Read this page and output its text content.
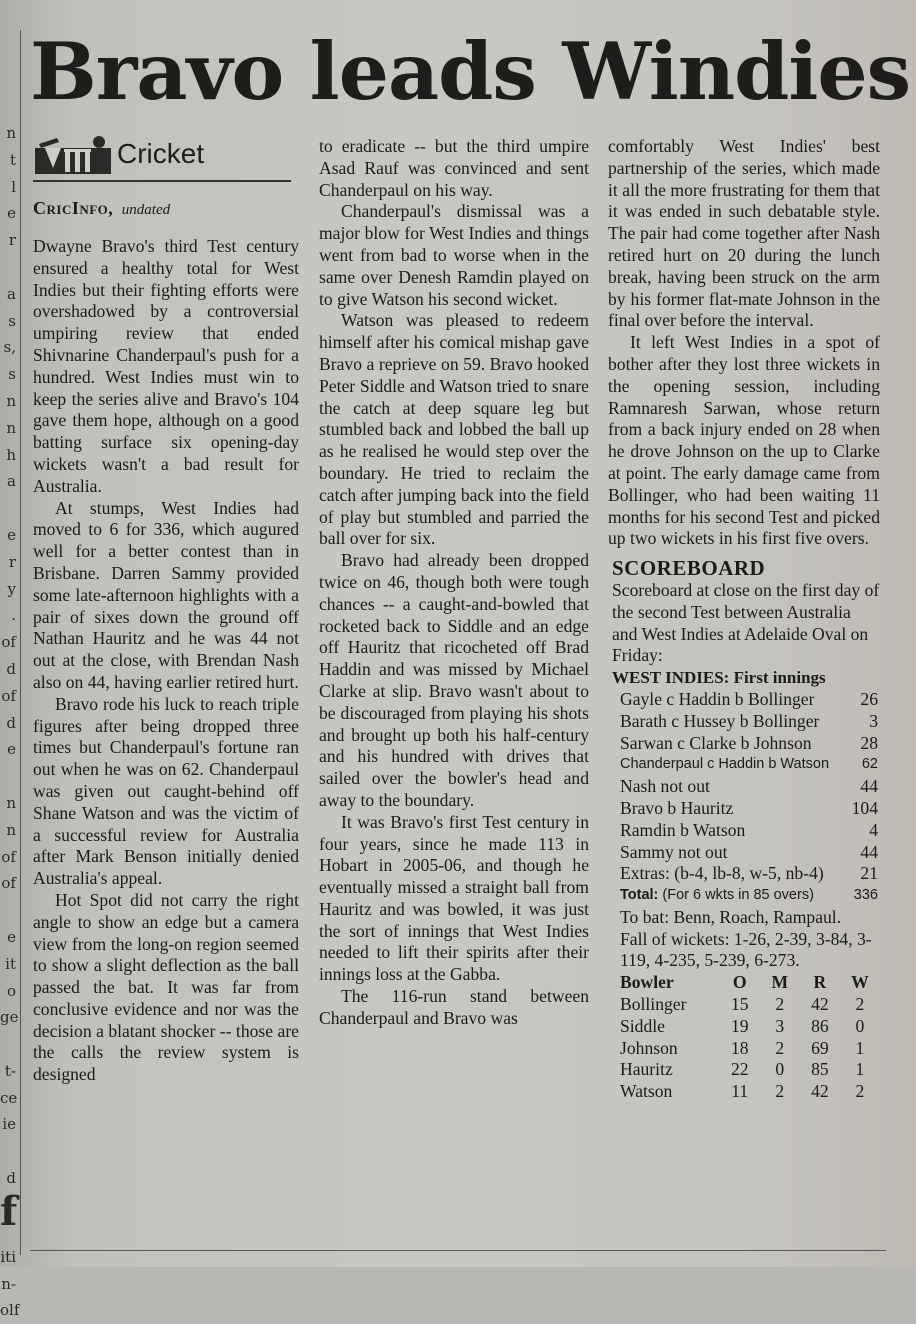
n
t
l
e
r
a
s
s,
s
n
n
h
a
e
r
y
.
of
d
of
d
e
n
n
of
of
e
it
o
ge
t-
ce
ie
d
f
iti
n-
olf
Bravo leads Windies
Cricket
CricInfo, undated

Dwayne Bravo's third Test century ensured a healthy total for West Indies but their fighting efforts were overshadowed by a controversial umpiring review that ended Shivnarine Chanderpaul's push for a hundred. West Indies must win to keep the series alive and Bravo's 104 gave them hope, although on a good batting surface six opening-day wickets wasn't a bad result for Australia.

At stumps, West Indies had moved to 6 for 336, which augured well for a better contest than in Brisbane. Darren Sammy provided some late-afternoon highlights with a pair of sixes down the ground off Nathan Hauritz and he was 44 not out at the close, with Brendan Nash also on 44, having earlier retired hurt.

Bravo rode his luck to reach triple figures after being dropped three times but Chanderpaul's fortune ran out when he was on 62. Chanderpaul was given out caught-behind off Shane Watson and was the victim of a successful review for Australia after Mark Benson initially denied Australia's appeal.

Hot Spot did not carry the right angle to show an edge but a camera view from the long-on region seemed to show a slight deflection as the ball passed the bat. It was far from conclusive evidence and nor was the decision a blatant shocker -- those are the calls the review system is designed

to eradicate -- but the third umpire Asad Rauf was convinced and sent Chanderpaul on his way.

Chanderpaul's dismissal was a major blow for West Indies and things went from bad to worse when in the same over Denesh Ramdin played on to give Watson his second wicket.

Watson was pleased to redeem himself after his comical mishap gave Bravo a reprieve on 59. Bravo hooked Peter Siddle and Watson tried to snare the catch at deep square leg but stumbled back and lobbed the ball up as he realised he would step over the boundary. He tried to reclaim the catch after jumping back into the field of play but stumbled and parried the ball over for six.

Bravo had already been dropped twice on 46, though both were tough chances -- a caught-and-bowled that rocketed back to Siddle and an edge off Hauritz that ricocheted off Brad Haddin and was missed by Michael Clarke at slip. Bravo wasn't about to be discouraged from playing his shots and brought up both his half-century and his hundred with drives that sailed over the bowler's head and away to the boundary.

It was Bravo's first Test century in four years, since he made 113 in Hobart in 2005-06, and though he eventually missed a straight ball from Hauritz and was bowled, it was just the sort of innings that West Indies needed to lift their spirits after their innings loss at the Gabba.

The 116-run stand between Chanderpaul and Bravo was

comfortably West Indies' best partnership of the series, which made it all the more frustrating for them that it was ended in such debatable style. The pair had come together after Nash retired hurt on 20 during the lunch break, having been struck on the arm by his former flat-mate Johnson in the final over before the interval.

It left West Indies in a spot of bother after they lost three wickets in the opening session, including Ramnaresh Sarwan, whose return from a back injury ended on 28 when he drove Johnson on the up to Clarke at point. The early damage came from Bollinger, who had been waiting 11 months for his second Test and picked up two wickets in his first five overs.

SCOREBOARD

Scoreboard at close on the first day of the second Test between Australia and West Indies at Adelaide Oval on Friday:

WEST INDIES: First innings
Gayle c Haddin b Bollinger	26
Barath c Hussey b Bollinger	3
Sarwan c Clarke b Johnson	28
Chanderpaul c Haddin b Watson	62
Nash not out	44
Bravo b Hauritz	104
Ramdin b Watson	4
Sammy not out	44
Extras: (b-4, lb-8, w-5, nb-4)	21
Total: (For 6 wkts in 85 overs)	336
To bat: Benn, Roach, Rampaul.
Fall of wickets: 1-26, 2-39, 3-84, 3-119, 4-235, 5-239, 6-273.
Bowler	O	M	R	W
Bollinger	15	2	42	2
Siddle	19	3	86	0
Johnson	18	2	69	1
Hauritz	22	0	85	1
Watson	11	2	42	2
